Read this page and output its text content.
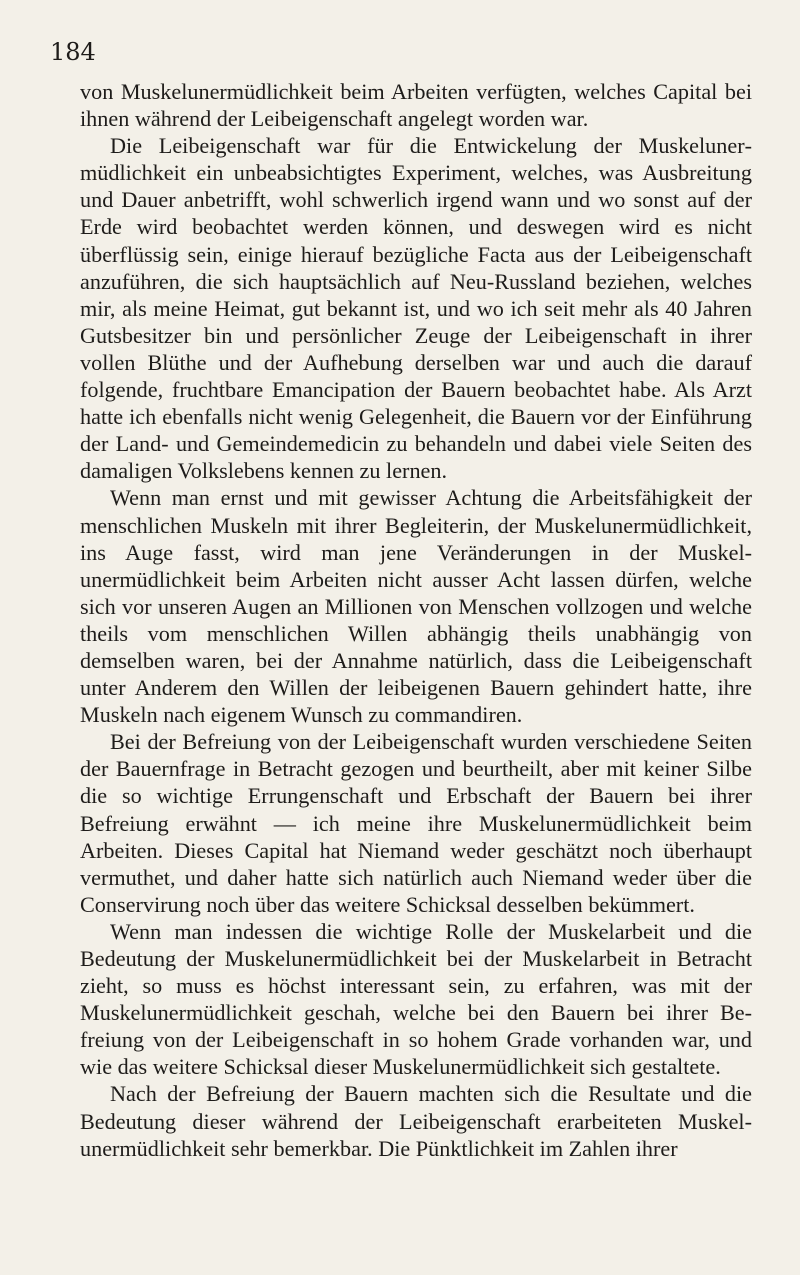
184

von Muskelunermüdlichkeit beim Arbeiten verfügten, welches Capital bei ihnen während der Leibeigenschaft angelegt worden war.

Die Leibeigenschaft war für die Entwickelung der Muskelunermüdlichkeit ein unbeabsichtigtes Experiment, welches, was Ausbreitung und Dauer anbetrifft, wohl schwerlich irgend wann und wo sonst auf der Erde wird beobachtet werden können, und deswegen wird es nicht überflüssig sein, einige hierauf bezügliche Facta aus der Leibeigenschaft anzuführen, die sich hauptsächlich auf Neu-Russland beziehen, welches mir, als meine Heimat, gut bekannt ist, und wo ich seit mehr als 40 Jahren Gutsbesitzer bin und persönlicher Zeuge der Leibeigenschaft in ihrer vollen Blüthe und der Aufhebung derselben war und auch die darauf folgende, fruchtbare Emancipation der Bauern beobachtet habe. Als Arzt hatte ich ebenfalls nicht wenig Gelegenheit, die Bauern vor der Einführung der Land- und Gemeindemedicin zu behandeln und dabei viele Seiten des damaligen Volkslebens kennen zu lernen.

Wenn man ernst und mit gewisser Achtung die Arbeitsfähigkeit der menschlichen Muskeln mit ihrer Begleiterin, der Muskelunermüdlichkeit, ins Auge fasst, wird man jene Veränderungen in der Muskelunermüdlichkeit beim Arbeiten nicht ausser Acht lassen dürfen, welche sich vor unseren Augen an Millionen von Menschen vollzogen und welche theils vom menschlichen Willen abhängig theils unabhängig von demselben waren, bei der Annahme natürlich, dass die Leibeigenschaft unter Anderem den Willen der leibeigenen Bauern gehindert hatte, ihre Muskeln nach eigenem Wunsch zu commandiren.

Bei der Befreiung von der Leibeigenschaft wurden verschiedene Seiten der Bauernfrage in Betracht gezogen und beurtheilt, aber mit keiner Silbe die so wichtige Errungenschaft und Erbschaft der Bauern bei ihrer Befreiung erwähnt — ich meine ihre Muskelunermüdlichkeit beim Arbeiten. Dieses Capital hat Niemand weder geschätzt noch überhaupt vermuthet, und daher hatte sich natürlich auch Niemand weder über die Conservirung noch über das weitere Schicksal desselben bekümmert.

Wenn man indessen die wichtige Rolle der Muskelarbeit und die Bedeutung der Muskelunermüdlichkeit bei der Muskelarbeit in Betracht zieht, so muss es höchst interessant sein, zu erfahren, was mit der Muskelunermüdlichkeit geschah, welche bei den Bauern bei ihrer Befreiung von der Leibeigenschaft in so hohem Grade vorhanden war, und wie das weitere Schicksal dieser Muskelunermüdlichkeit sich gestaltete.

Nach der Befreiung der Bauern machten sich die Resultate und die Bedeutung dieser während der Leibeigenschaft erarbeiteten Muskelunermüdlichkeit sehr bemerkbar. Die Pünktlichkeit im Zahlen ihrer
